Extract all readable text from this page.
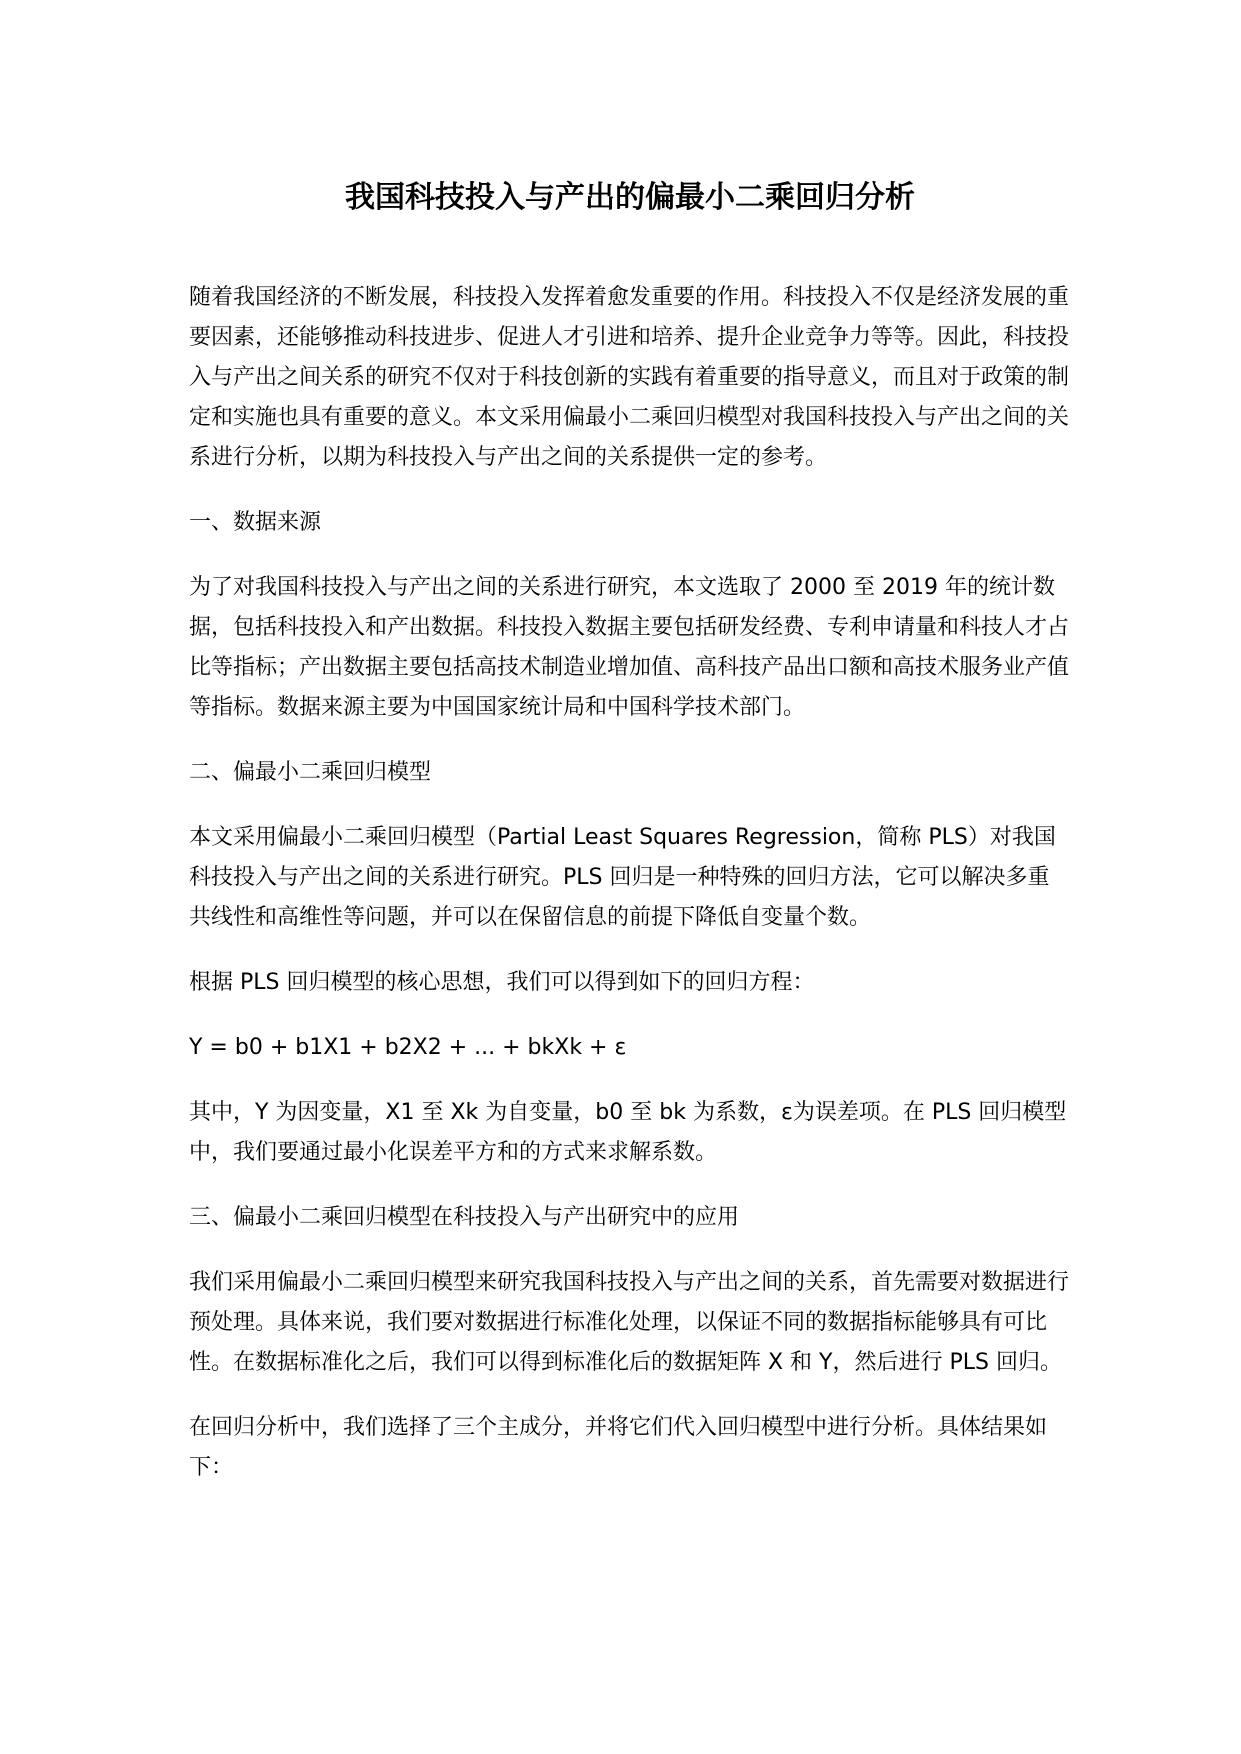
我国科技投入与产出的偏最小二乘回归分析

随着我国经济的不断发展，科技投入发挥着愈发重要的作用。科技投入不仅是经济发展的重要因素，还能够推动科技进步、促进人才引进和培养、提升企业竞争力等等。因此，科技投入与产出之间关系的研究不仅对于科技创新的实践有着重要的指导意义，而且对于政策的制定和实施也具有重要的意义。本文采用偏最小二乘回归模型对我国科技投入与产出之间的关系进行分析，以期为科技投入与产出之间的关系提供一定的参考。

一、数据来源

为了对我国科技投入与产出之间的关系进行研究，本文选取了 2000 至 2019 年的统计数据，包括科技投入和产出数据。科技投入数据主要包括研发经费、专利申请量和科技人才占比等指标；产出数据主要包括高技术制造业增加值、高科技产品出口额和高技术服务业产值等指标。数据来源主要为中国国家统计局和中国科学技术部门。

二、偏最小二乘回归模型

本文采用偏最小二乘回归模型（Partial Least Squares Regression，简称 PLS）对我国科技投入与产出之间的关系进行研究。PLS 回归是一种特殊的回归方法，它可以解决多重共线性和高维性等问题，并可以在保留信息的前提下降低自变量个数。

根据 PLS 回归模型的核心思想，我们可以得到如下的回归方程：

Y = b0 + b1X1 + b2X2 + ... + bkXk + ε

其中，Y 为因变量，X1 至 Xk 为自变量，b0 至 bk 为系数，ε为误差项。在 PLS 回归模型中，我们要通过最小化误差平方和的方式来求解系数。

三、偏最小二乘回归模型在科技投入与产出研究中的应用

我们采用偏最小二乘回归模型来研究我国科技投入与产出之间的关系，首先需要对数据进行预处理。具体来说，我们要对数据进行标准化处理，以保证不同的数据指标能够具有可比性。在数据标准化之后，我们可以得到标准化后的数据矩阵 X 和 Y，然后进行 PLS 回归。

在回归分析中，我们选择了三个主成分，并将它们代入回归模型中进行分析。具体结果如下：
